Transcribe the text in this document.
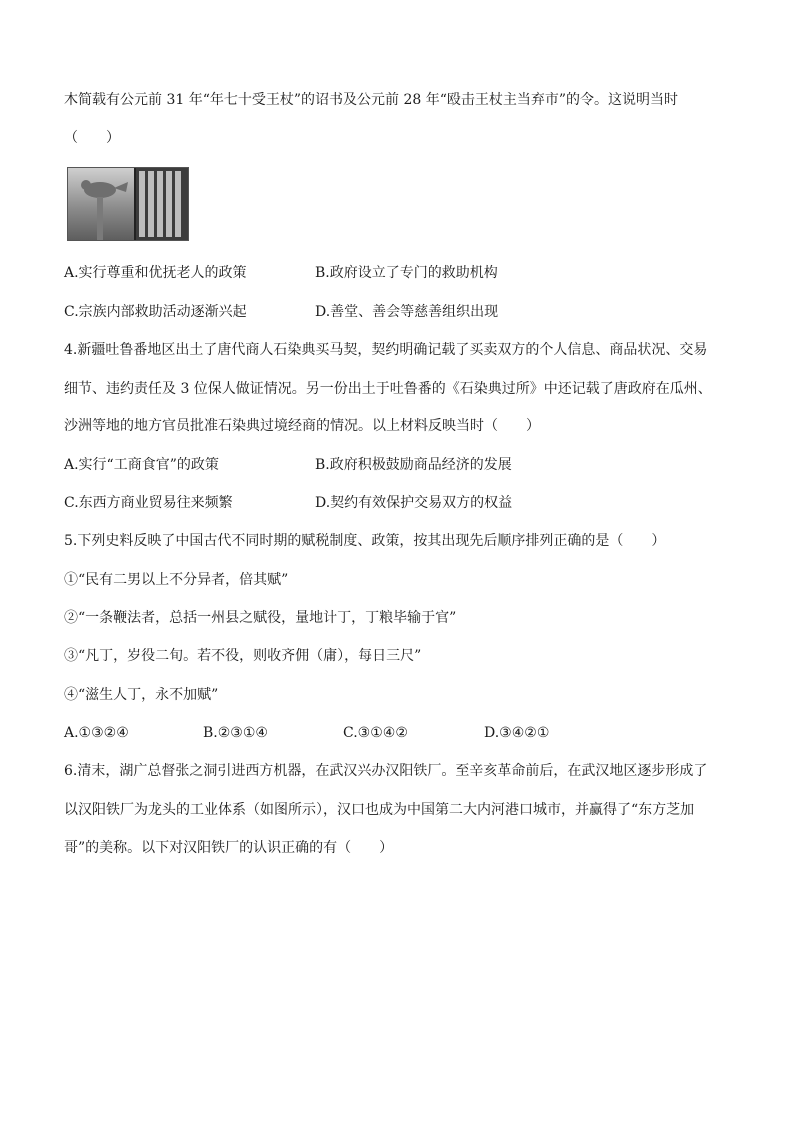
木简载有公元前 31 年“年七十受王杖”的诏书及公元前 28 年“殴击王杖主当弃市”的令。这说明当时
（　　）
A.实行尊重和优抚老人的政策	B.政府设立了专门的救助机构
C.宗族内部救助活动逐渐兴起	D.善堂、善会等慈善组织出现
4.新疆吐鲁番地区出土了唐代商人石染典买马契，契约明确记载了买卖双方的个人信息、商品状况、交易
细节、违约责任及 3 位保人做证情况。另一份出土于吐鲁番的《石染典过所》中还记载了唐政府在瓜州、
沙洲等地的地方官员批准石染典过境经商的情况。以上材料反映当时（　　）
A.实行“工商食官”的政策	B.政府积极鼓励商品经济的发展
C.东西方商业贸易往来频繁	D.契约有效保护交易双方的权益
5.下列史料反映了中国古代不同时期的赋税制度、政策，按其出现先后顺序排列正确的是（　　）
①“民有二男以上不分异者，倍其赋”
②“一条鞭法者，总括一州县之赋役，量地计丁，丁粮毕输于官”
③“凡丁，岁役二旬。若不役，则收齐佣（庸），每日三尺”
④“滋生人丁，永不加赋”
A.①③②④	B.②③①④	C.③①④②	D.③④②①
6.清末，湖广总督张之洞引进西方机器，在武汉兴办汉阳铁厂。至辛亥革命前后，在武汉地区逐步形成了
以汉阳铁厂为龙头的工业体系（如图所示），汉口也成为中国第二大内河港口城市，并赢得了“东方芝加
哥”的美称。以下对汉阳铁厂的认识正确的有（　　）
